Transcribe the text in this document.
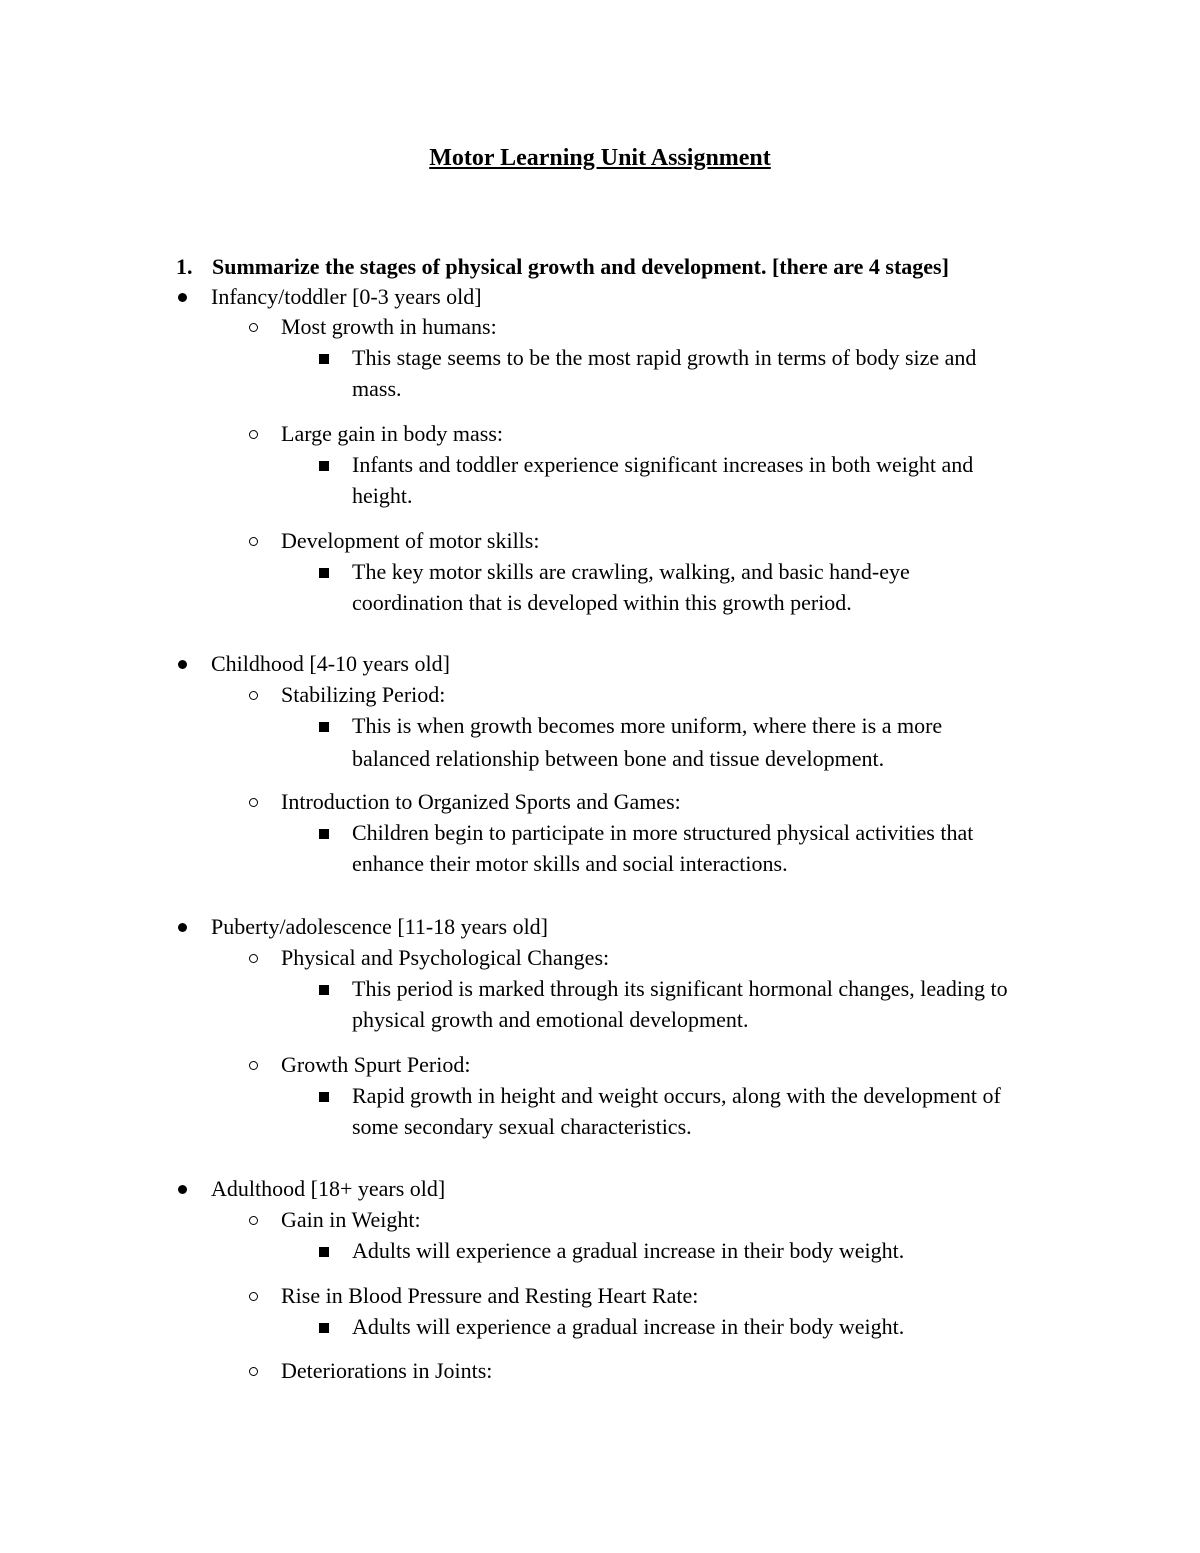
Motor Learning Unit Assignment
1. Summarize the stages of physical growth and development. [there are 4 stages]
Infancy/toddler [0-3 years old]
Most growth in humans:
This stage seems to be the most rapid growth in terms of body size and
mass.
Large gain in body mass:
Infants and toddler experience significant increases in both weight and
height.
Development of motor skills:
The key motor skills are crawling, walking, and basic hand-eye
coordination that is developed within this growth period.
Childhood [4-10 years old]
Stabilizing Period:
This is when growth becomes more uniform, where there is a more
balanced relationship between bone and tissue development.
Introduction to Organized Sports and Games:
Children begin to participate in more structured physical activities that
enhance their motor skills and social interactions.
Puberty/adolescence [11-18 years old]
Physical and Psychological Changes:
This period is marked through its significant hormonal changes, leading to
physical growth and emotional development.
Growth Spurt Period:
Rapid growth in height and weight occurs, along with the development of
some secondary sexual characteristics.
Adulthood [18+ years old]
Gain in Weight:
Adults will experience a gradual increase in their body weight.
Rise in Blood Pressure and Resting Heart Rate:
Adults will experience a gradual increase in their body weight.
Deteriorations in Joints:
